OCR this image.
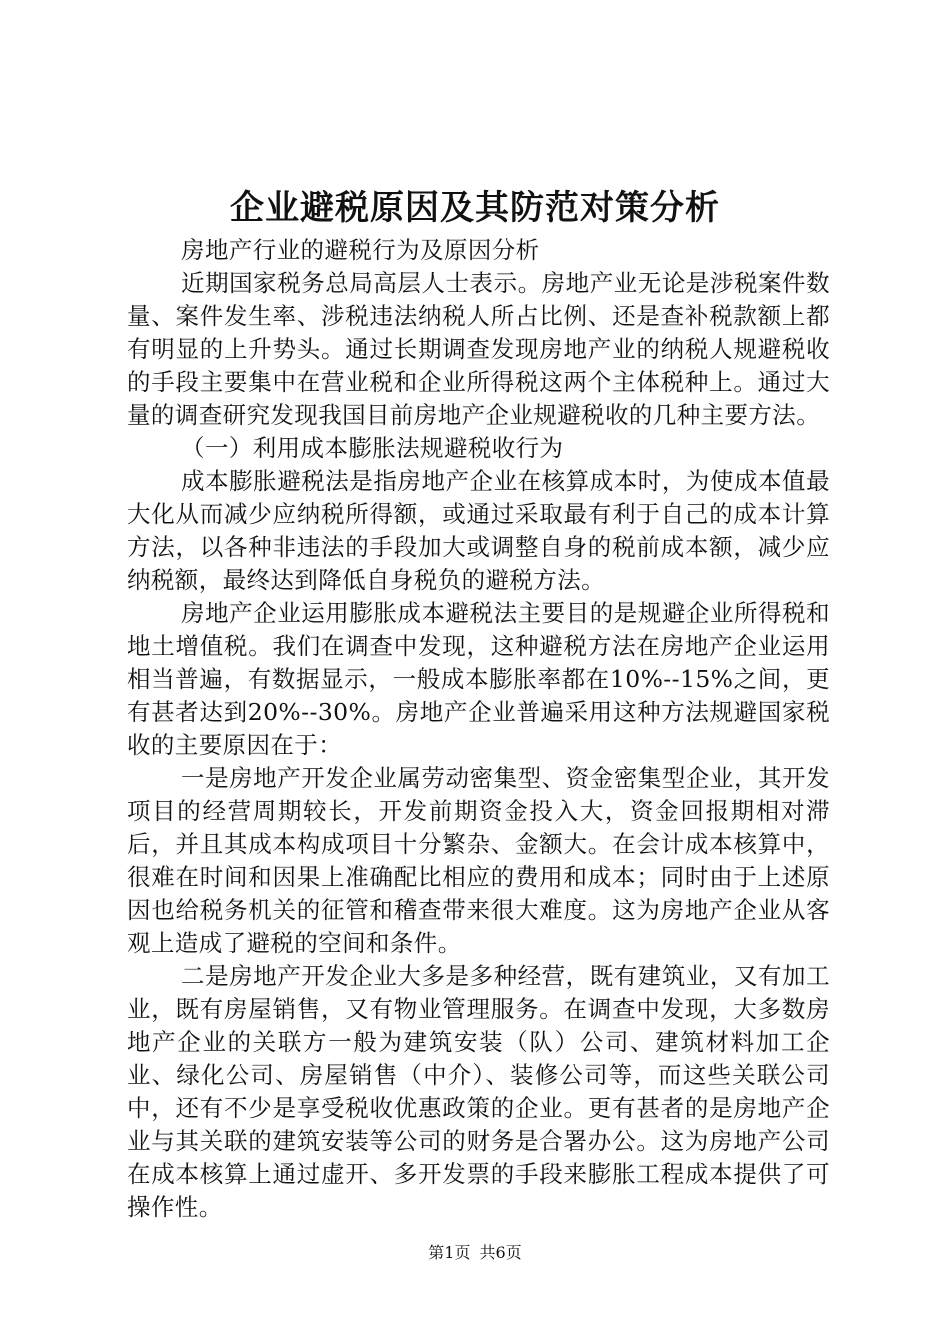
企业避税原因及其防范对策分析

房地产行业的避税行为及原因分析

近期国家税务总局高层人士表示。房地产业无论是涉税案件数量、案件发生率、涉税违法纳税人所占比例、还是查补税款额上都有明显的上升势头。通过长期调查发现房地产业的纳税人规避税收的手段主要集中在营业税和企业所得税这两个主体税种上。通过大量的调查研究发现我国目前房地产企业规避税收的几种主要方法。

（一）利用成本膨胀法规避税收行为

成本膨胀避税法是指房地产企业在核算成本时，为使成本值最大化从而减少应纳税所得额，或通过采取最有利于自己的成本计算方法，以各种非违法的手段加大或调整自身的税前成本额，减少应纳税额，最终达到降低自身税负的避税方法。

房地产企业运用膨胀成本避税法主要目的是规避企业所得税和地土增值税。我们在调查中发现，这种避税方法在房地产企业运用相当普遍，有数据显示，一般成本膨胀率都在10%--15%之间，更有甚者达到20%--30%。房地产企业普遍采用这种方法规避国家税收的主要原因在于：

一是房地产开发企业属劳动密集型、资金密集型企业，其开发项目的经营周期较长，开发前期资金投入大，资金回报期相对滞后，并且其成本构成项目十分繁杂、金额大。在会计成本核算中，很难在时间和因果上准确配比相应的费用和成本；同时由于上述原因也给税务机关的征管和稽查带来很大难度。这为房地产企业从客观上造成了避税的空间和条件。

二是房地产开发企业大多是多种经营，既有建筑业，又有加工业，既有房屋销售，又有物业管理服务。在调查中发现，大多数房地产企业的关联方一般为建筑安装（队）公司、建筑材料加工企业、绿化公司、房屋销售（中介）、装修公司等，而这些关联公司中，还有不少是享受税收优惠政策的企业。更有甚者的是房地产企业与其关联的建筑安装等公司的财务是合署办公。这为房地产公司在成本核算上通过虚开、多开发票的手段来膨胀工程成本提供了可操作性。

第1页 共6页
